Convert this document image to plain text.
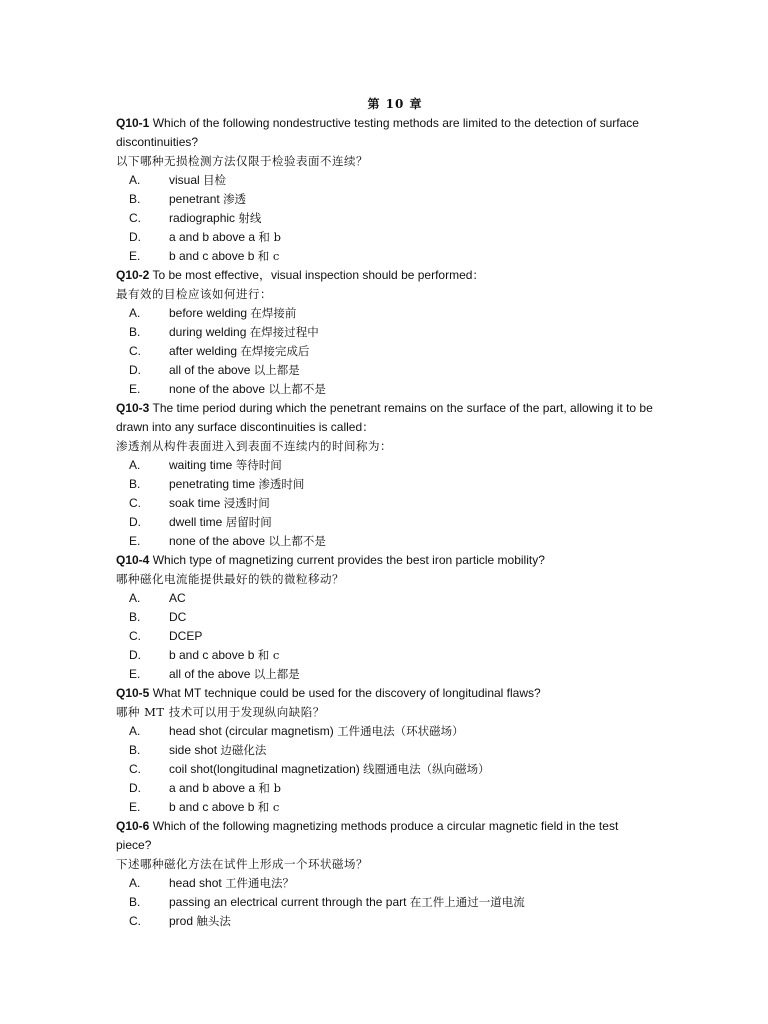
第 10 章

Q10-1 Which of the following nondestructive testing methods are limited to the detection of surface discontinuities?

以下哪种无损检测方法仅限于检验表面不连续？

A.	visual 目检
B.	penetrant 渗透
C.	radiographic 射线
D.	a and b above a 和 b
E.	b and c above b 和 c

Q10-2 To be most effective，visual inspection should be performed：

最有效的目检应该如何进行：

A.	before welding 在焊接前
B.	during welding 在焊接过程中
C.	after welding 在焊接完成后
D.	all of the above 以上都是
E.	none of the above 以上都不是

Q10-3 The time period during which the penetrant remains on the surface of the part, allowing it to be drawn into any surface discontinuities is called：

渗透剂从构件表面进入到表面不连续内的时间称为：

A.	waiting time 等待时间
B.	penetrating time 渗透时间
C.	soak time 浸透时间
D.	dwell time 居留时间
E.	none of the above 以上都不是

Q10-4 Which type of magnetizing current provides the best iron particle mobility?

哪种磁化电流能提供最好的铁的微粒移动？

A.	AC
B.	DC
C.	DCEP
D.	b and c above b 和 c
E.	all of the above 以上都是

Q10-5 What MT technique could be used for the discovery of longitudinal flaws?

哪种 MT 技术可以用于发现纵向缺陷？

A.	head shot (circular magnetism) 工件通电法（环状磁场）
B.	side shot 边磁化法
C.	coil shot(longitudinal magnetization) 线圈通电法（纵向磁场）
D.	a and b above a 和 b
E.	b and c above b 和 c

Q10-6 Which of the following magnetizing methods produce a circular magnetic field in the test piece?

下述哪种磁化方法在试件上形成一个环状磁场？

A.	head shot 工件通电法？
B.	passing an electrical current through the part 在工件上通过一道电流
C.	prod 触头法
